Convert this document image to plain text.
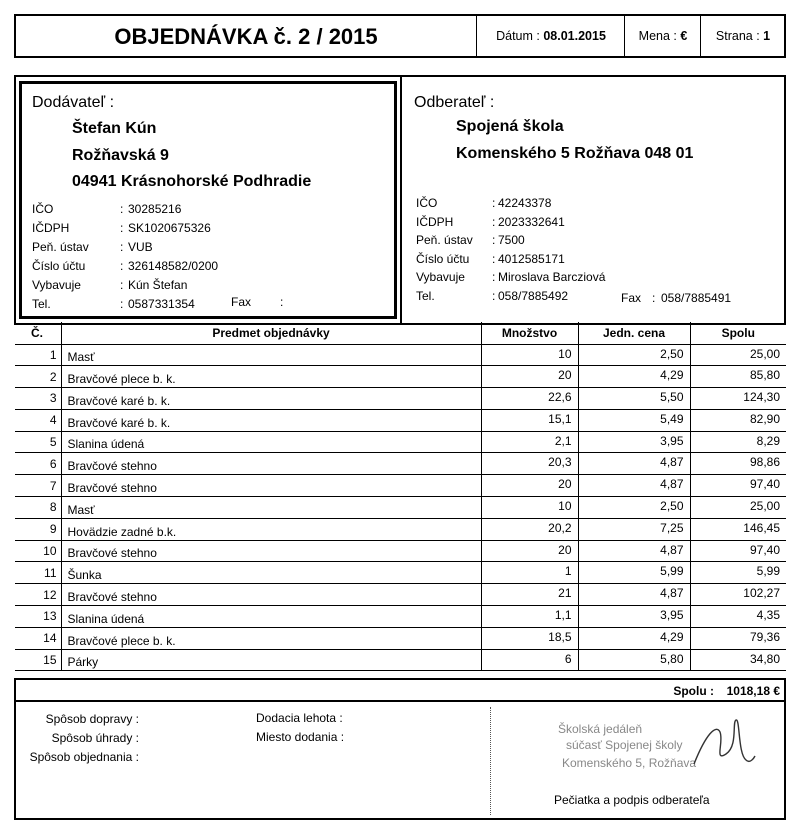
OBJEDNÁVKA č. 2 / 2015	Dátum : 08.01.2015	Mena : €	Strana : 1
Dodávateľ :
Štefan Kún
Rožňavská 9
04941 Krásnohorské Podhradie
IČO	: 30285216
IČDPH	: SK1020675326
Peň. ústav	: VUB
Číslo účtu	: 326148582/0200
Vybavuje	: Kún Štefan
Tel.	: 0587331354	Fax :
Odberateľ :
Spojená škola
Komenského 5 Rožňava 048 01
IČO	: 42243378
IČDPH	: 2023332641
Peň. ústav : 7500
Číslo účtu : 4012585171
Vybavuje : Miroslava Barcziová
Tel.	: 058/7885492	Fax : 058/7885491
Č.	Predmet objednávky	Množstvo	Jedn. cena	Spolu
1	Masť	10	2,50	25,00
2	Bravčové plece b. k.	20	4,29	85,80
3	Bravčové karé b. k.	22,6	5,50	124,30
4	Bravčové karé b. k.	15,1	5,49	82,90
5	Slanina údená	2,1	3,95	8,29
6	Bravčové stehno	20,3	4,87	98,86
7	Bravčové stehno	20	4,87	97,40
8	Masť	10	2,50	25,00
9	Hovädzie zadné b.k.	20,2	7,25	146,45
10	Bravčové stehno	20	4,87	97,40
11	Šunka	1	5,99	5,99
12	Bravčové stehno	21	4,87	102,27
13	Slanina údená	1,1	3,95	4,35
14	Bravčové plece b. k.	18,5	4,29	79,36
15	Párky	6	5,80	34,80
Spolu : 1018,18 €
Spôsob dopravy :
Spôsob úhrady :
Spôsob objednania :
Dodacia lehota :
Miesto dodania :
Školská jedáleň
súčasť Spojenej školy
Komenského 5, Rožňava
Pečiatka a podpis odberateľa
